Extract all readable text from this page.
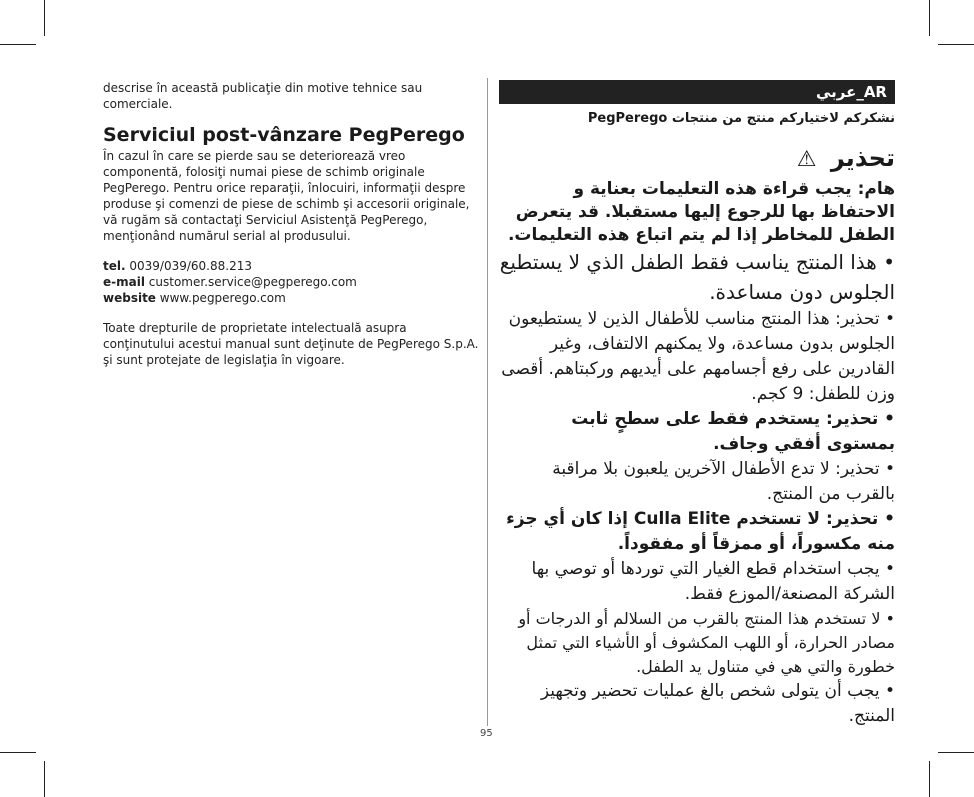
descrise în această publicaţie din motive tehnice sau comerciale.

Serviciul post-vânzare PegPerego

În cazul în care se pierde sau se deteriorează vreo componentă, folosiţi numai piese de schimb originale PegPerego. Pentru orice reparaţii, înlocuiri, informaţii despre produse şi comenzi de piese de schimb şi accesorii originale, vă rugăm să contactaţi Serviciul Asistenţă PegPerego, menţionând numărul serial al produsului.

tel. 0039/039/60.88.213

e-mail customer.service@pegperego.com

website www.pegperego.com

Toate drepturile de proprietate intelectuală asupra conţinutului acestui manual sunt deţinute de PegPerego S.p.A. şi sunt protejate de legislaţia în vigoare.

95
AR_عربي
نشكركم لاختياركم منتج من منتجات PegPerego
تحذير ⚠
هام: يجب قراءة هذه التعليمات بعناية و الاحتفاظ بها للرجوع إليها مستقبلا. قد يتعرض الطفل للمخاطر إذا لم يتم اتباع هذه التعليمات.
• هذا المنتج يناسب فقط الطفل الذي لا يستطيع الجلوس دون مساعدة.
• تحذير: هذا المنتج مناسب للأطفال الذين لا يستطيعون الجلوس بدون مساعدة، ولا يمكنهم الالتفاف، وغير القادرين على رفع أجسامهم على أيديهم وركبتاهم. أقصى وزن للطفل: 9 كجم.
• تحذير: يستخدم فقط على سطحٍ ثابت بمستوى أفقي وجاف.
• تحذير: لا تدع الأطفال الآخرين يلعبون بلا مراقبة بالقرب من المنتج.
• تحذير: لا تستخدم Culla Elite إذا كان أي جزء منه مكسوراً، أو ممزقاً أو مفقوداً.
• يجب استخدام قطع الغيار التي توردها أو توصي بها الشركة المصنعة/الموزع فقط.
• لا تستخدم هذا المنتج بالقرب من السلالم أو الدرجات أو مصادر الحرارة، أو اللهب المكشوف أو الأشياء التي تمثل خطورة والتي هي في متناول يد الطفل.
• يجب أن يتولى شخص بالغ عمليات تحضير وتجهيز المنتج.
